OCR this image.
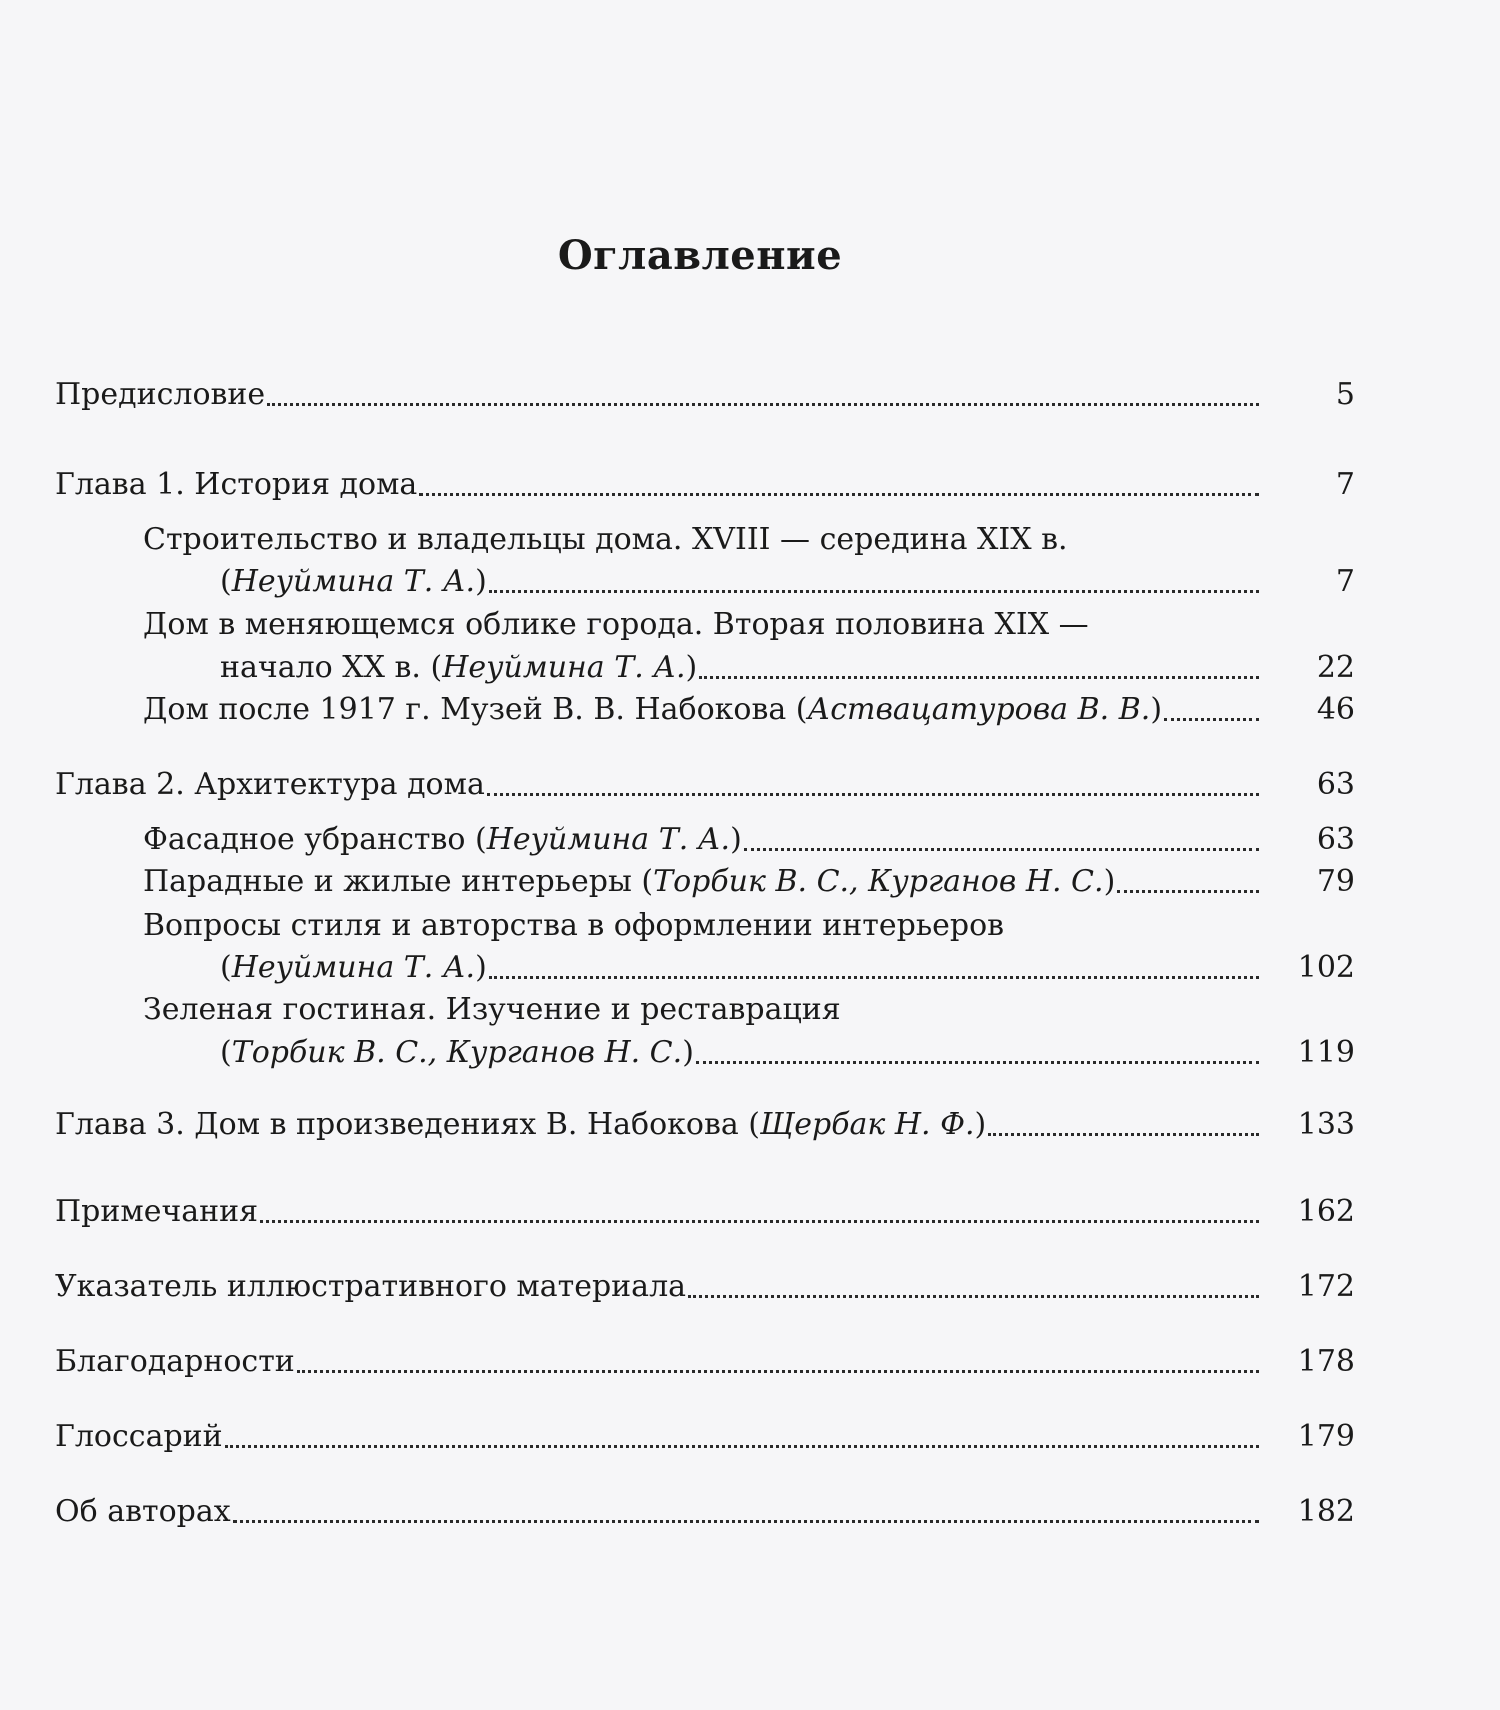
Оглавление
Предисловие	5
Глава 1. История дома	7
Строительство и владельцы дома. XVIII — середина XIX в.
(Неуймина Т. А.)	7
Дом в меняющемся облике города. Вторая половина XIX —
начало XX в. (Неуймина Т. А.)	22
Дом после 1917 г. Музей В. В. Набокова (Аствацатурова В. В.)	46
Глава 2. Архитектура дома	63
Фасадное убранство (Неуймина Т. А.)	63
Парадные и жилые интерьеры (Торбик В. С., Курганов Н. С.)	79
Вопросы стиля и авторства в оформлении интерьеров
(Неуймина Т. А.)	102
Зеленая гостиная. Изучение и реставрация
(Торбик В. С., Курганов Н. С.)	119
Глава 3. Дом в произведениях В. Набокова (Щербак Н. Ф.)	133
Примечания	162
Указатель иллюстративного материала	172
Благодарности	178
Глоссарий	179
Об авторах	182
